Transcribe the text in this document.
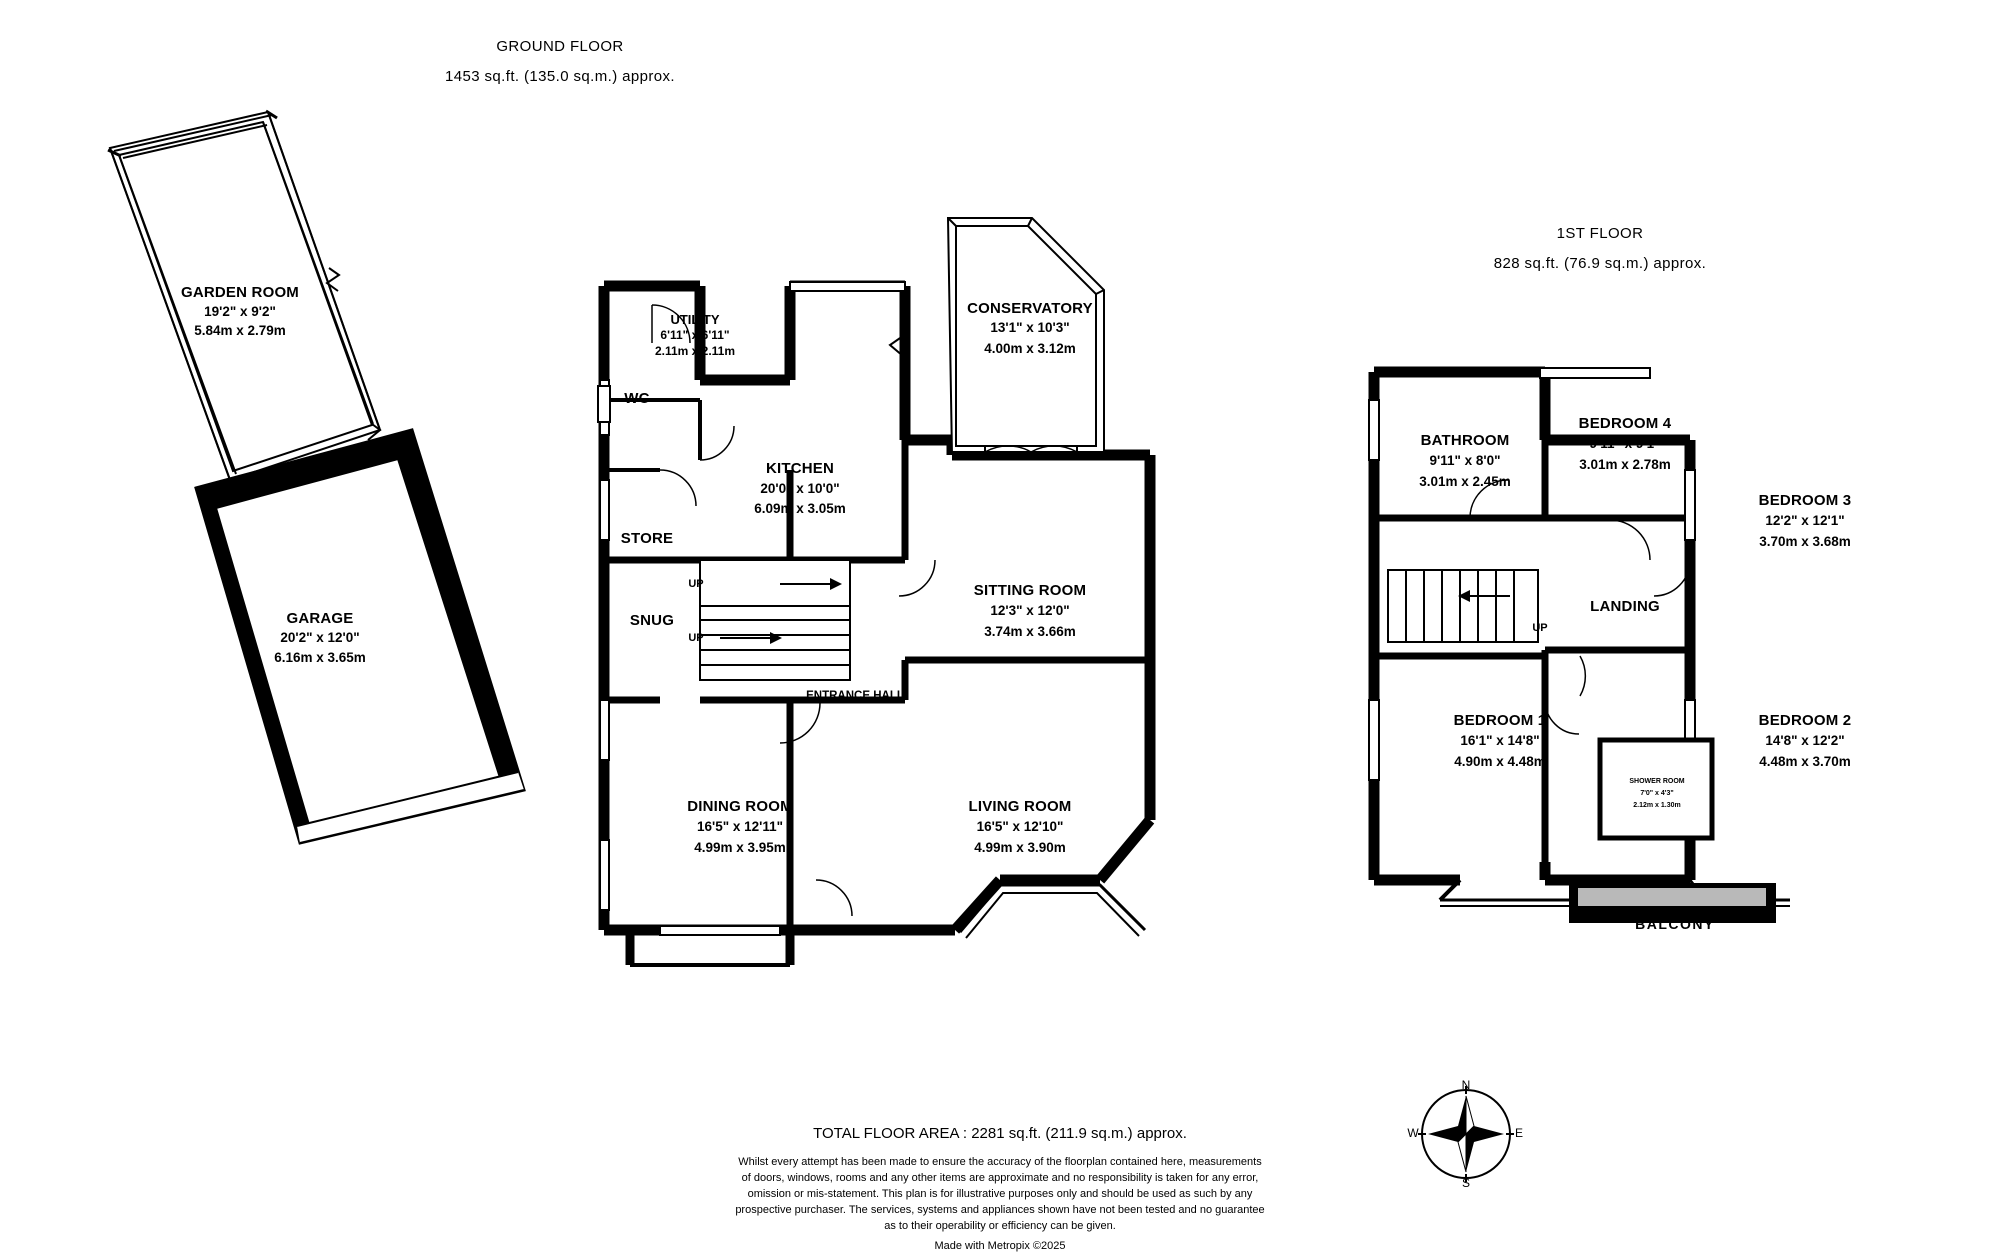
GROUND FLOOR
1453 sq.ft. (135.0 sq.m.) approx.
1ST FLOOR
828 sq.ft. (76.9 sq.m.) approx.
GARDEN ROOM
19'2" x 9'2"
5.84m x 2.79m
GARAGE
20'2" x 12'0"
6.16m x 3.65m
UTILITY
6'11" x 6'11"
2.11m x 2.11m
WC
STORE
SNUG
KITCHEN
20'0" x 10'0"
6.09m x 3.05m
CONSERVATORY
13'1" x 10'3"
4.00m x 3.12m
SITTING ROOM
12'3" x 12'0"
3.74m x 3.66m
ENTRANCE HALL
DINING ROOM
16'5" x 12'11"
4.99m x 3.95m
LIVING ROOM
16'5" x 12'10"
4.99m x 3.90m
UP
UP
BATHROOM
9'11" x 8'0"
3.01m x 2.45m
BEDROOM 4
9'11" x 9'1"
3.01m x 2.78m
BEDROOM 3
12'2" x 12'1"
3.70m x 3.68m
LANDING
BEDROOM 1
16'1" x 14'8"
4.90m x 4.48m
BEDROOM 2
14'8" x 12'2"
4.48m x 3.70m
SHOWER ROOM
7'0" x 4'3"
2.12m x 1.30m
BALCONY
UP
N
S
E
W
TOTAL FLOOR AREA : 2281 sq.ft. (211.9 sq.m.) approx.
Whilst every attempt has been made to ensure the accuracy of the floorplan contained here, measurements
of doors, windows, rooms and any other items are approximate and no responsibility is taken for any error,
omission or mis-statement. This plan is for illustrative purposes only and should be used as such by any
prospective purchaser. The services, systems and appliances shown have not been tested and no guarantee
as to their operability or efficiency can be given.
Made with Metropix ©2025
